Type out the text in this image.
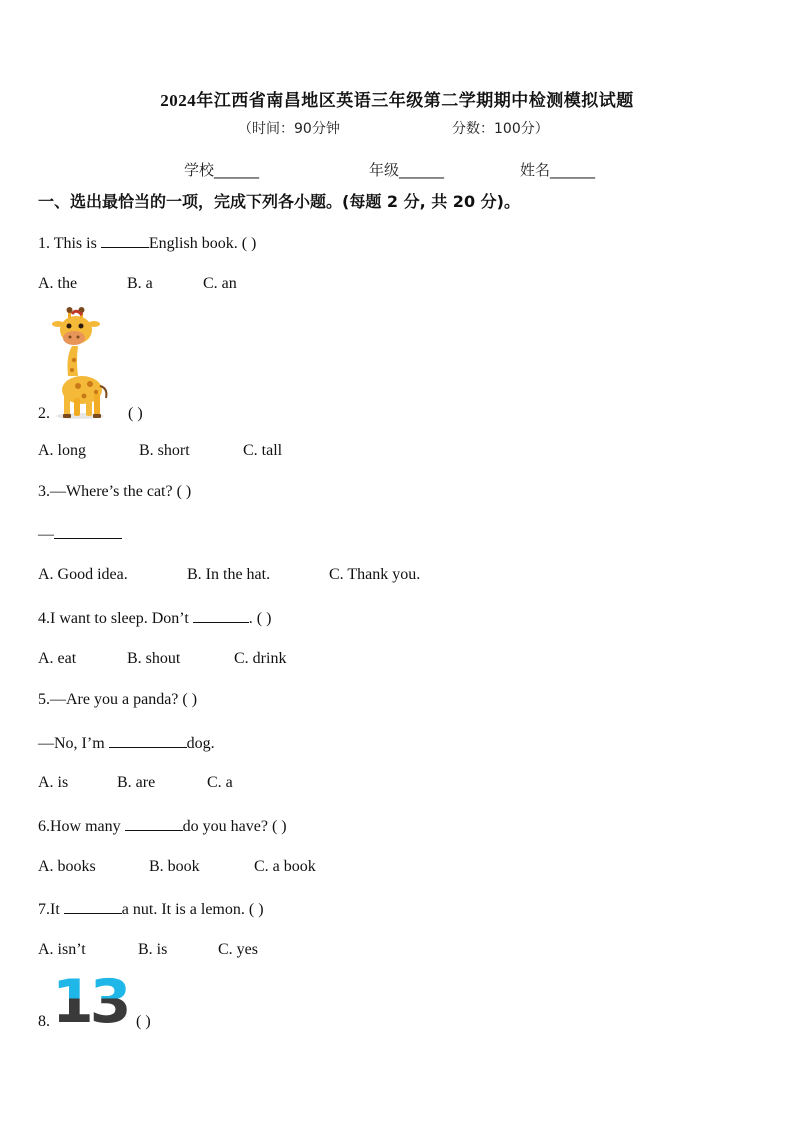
2024年江西省南昌地区英语三年级第二学期期中检测模拟试题
（时间：90分钟	分数：100分）
学校______	年级______	姓名______
一、选出最恰当的一项，完成下列各小题。(每题 2 分, 共 20 分)。
1. This is	English book. ( )
A. the	B. a	C. an
2.	( )
A. long	B. short	C. tall
3.—Where’s the cat? ( )
—
A. Good idea.	B. In the hat.	C. Thank you.
4.I want to sleep. Don’t	. ( )
A. eat	B. shout	C. drink
5.—Are you a panda? ( )
—No, I’m	dog.
A. is	B. are	C. a
6.How many	do you have? ( )
A. books	B. book	C. a book
7.It	a nut. It is a lemon. ( )
A. isn’t	B. is	C. yes
13
8.	( )
